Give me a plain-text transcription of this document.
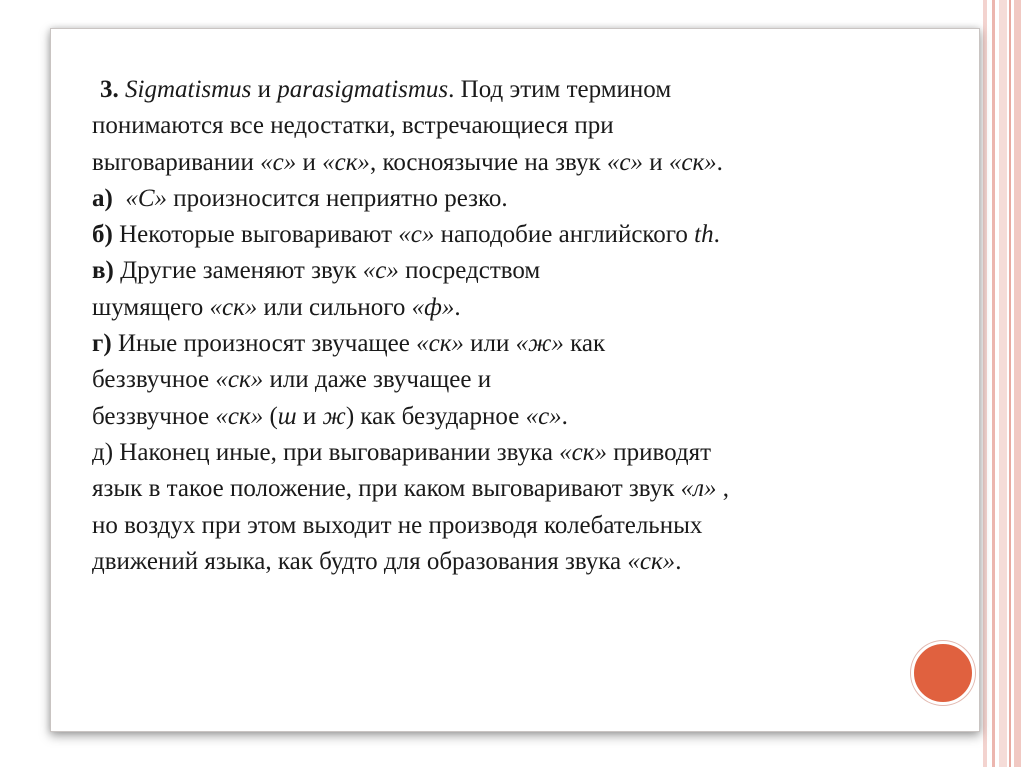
3. Sigmatismus и parasigmatismus. Под этим термином
понимаются все недостатки, встречающиеся при
выговаривании «с» и «ск», косноязычие на звук «с» и «ск».
а) «С» произносится неприятно резко.
б) Некоторые выговаривают «с» наподобие английского th.
в) Другие заменяют звук «с» посредством
шумящего «ск» или сильного «ф».
г) Иные произносят звучащее «ск» или «ж» как
беззвучное «ск» или даже звучащее и
беззвучное «ск» (ш и ж) как безударное «с».
д) Наконец иные, при выговаривании звука «ск» приводят
язык в такое положение, при каком выговаривают звук «л» ,
но воздух при этом выходит не производя колебательных
движений языка, как будто для образования звука «ск».
